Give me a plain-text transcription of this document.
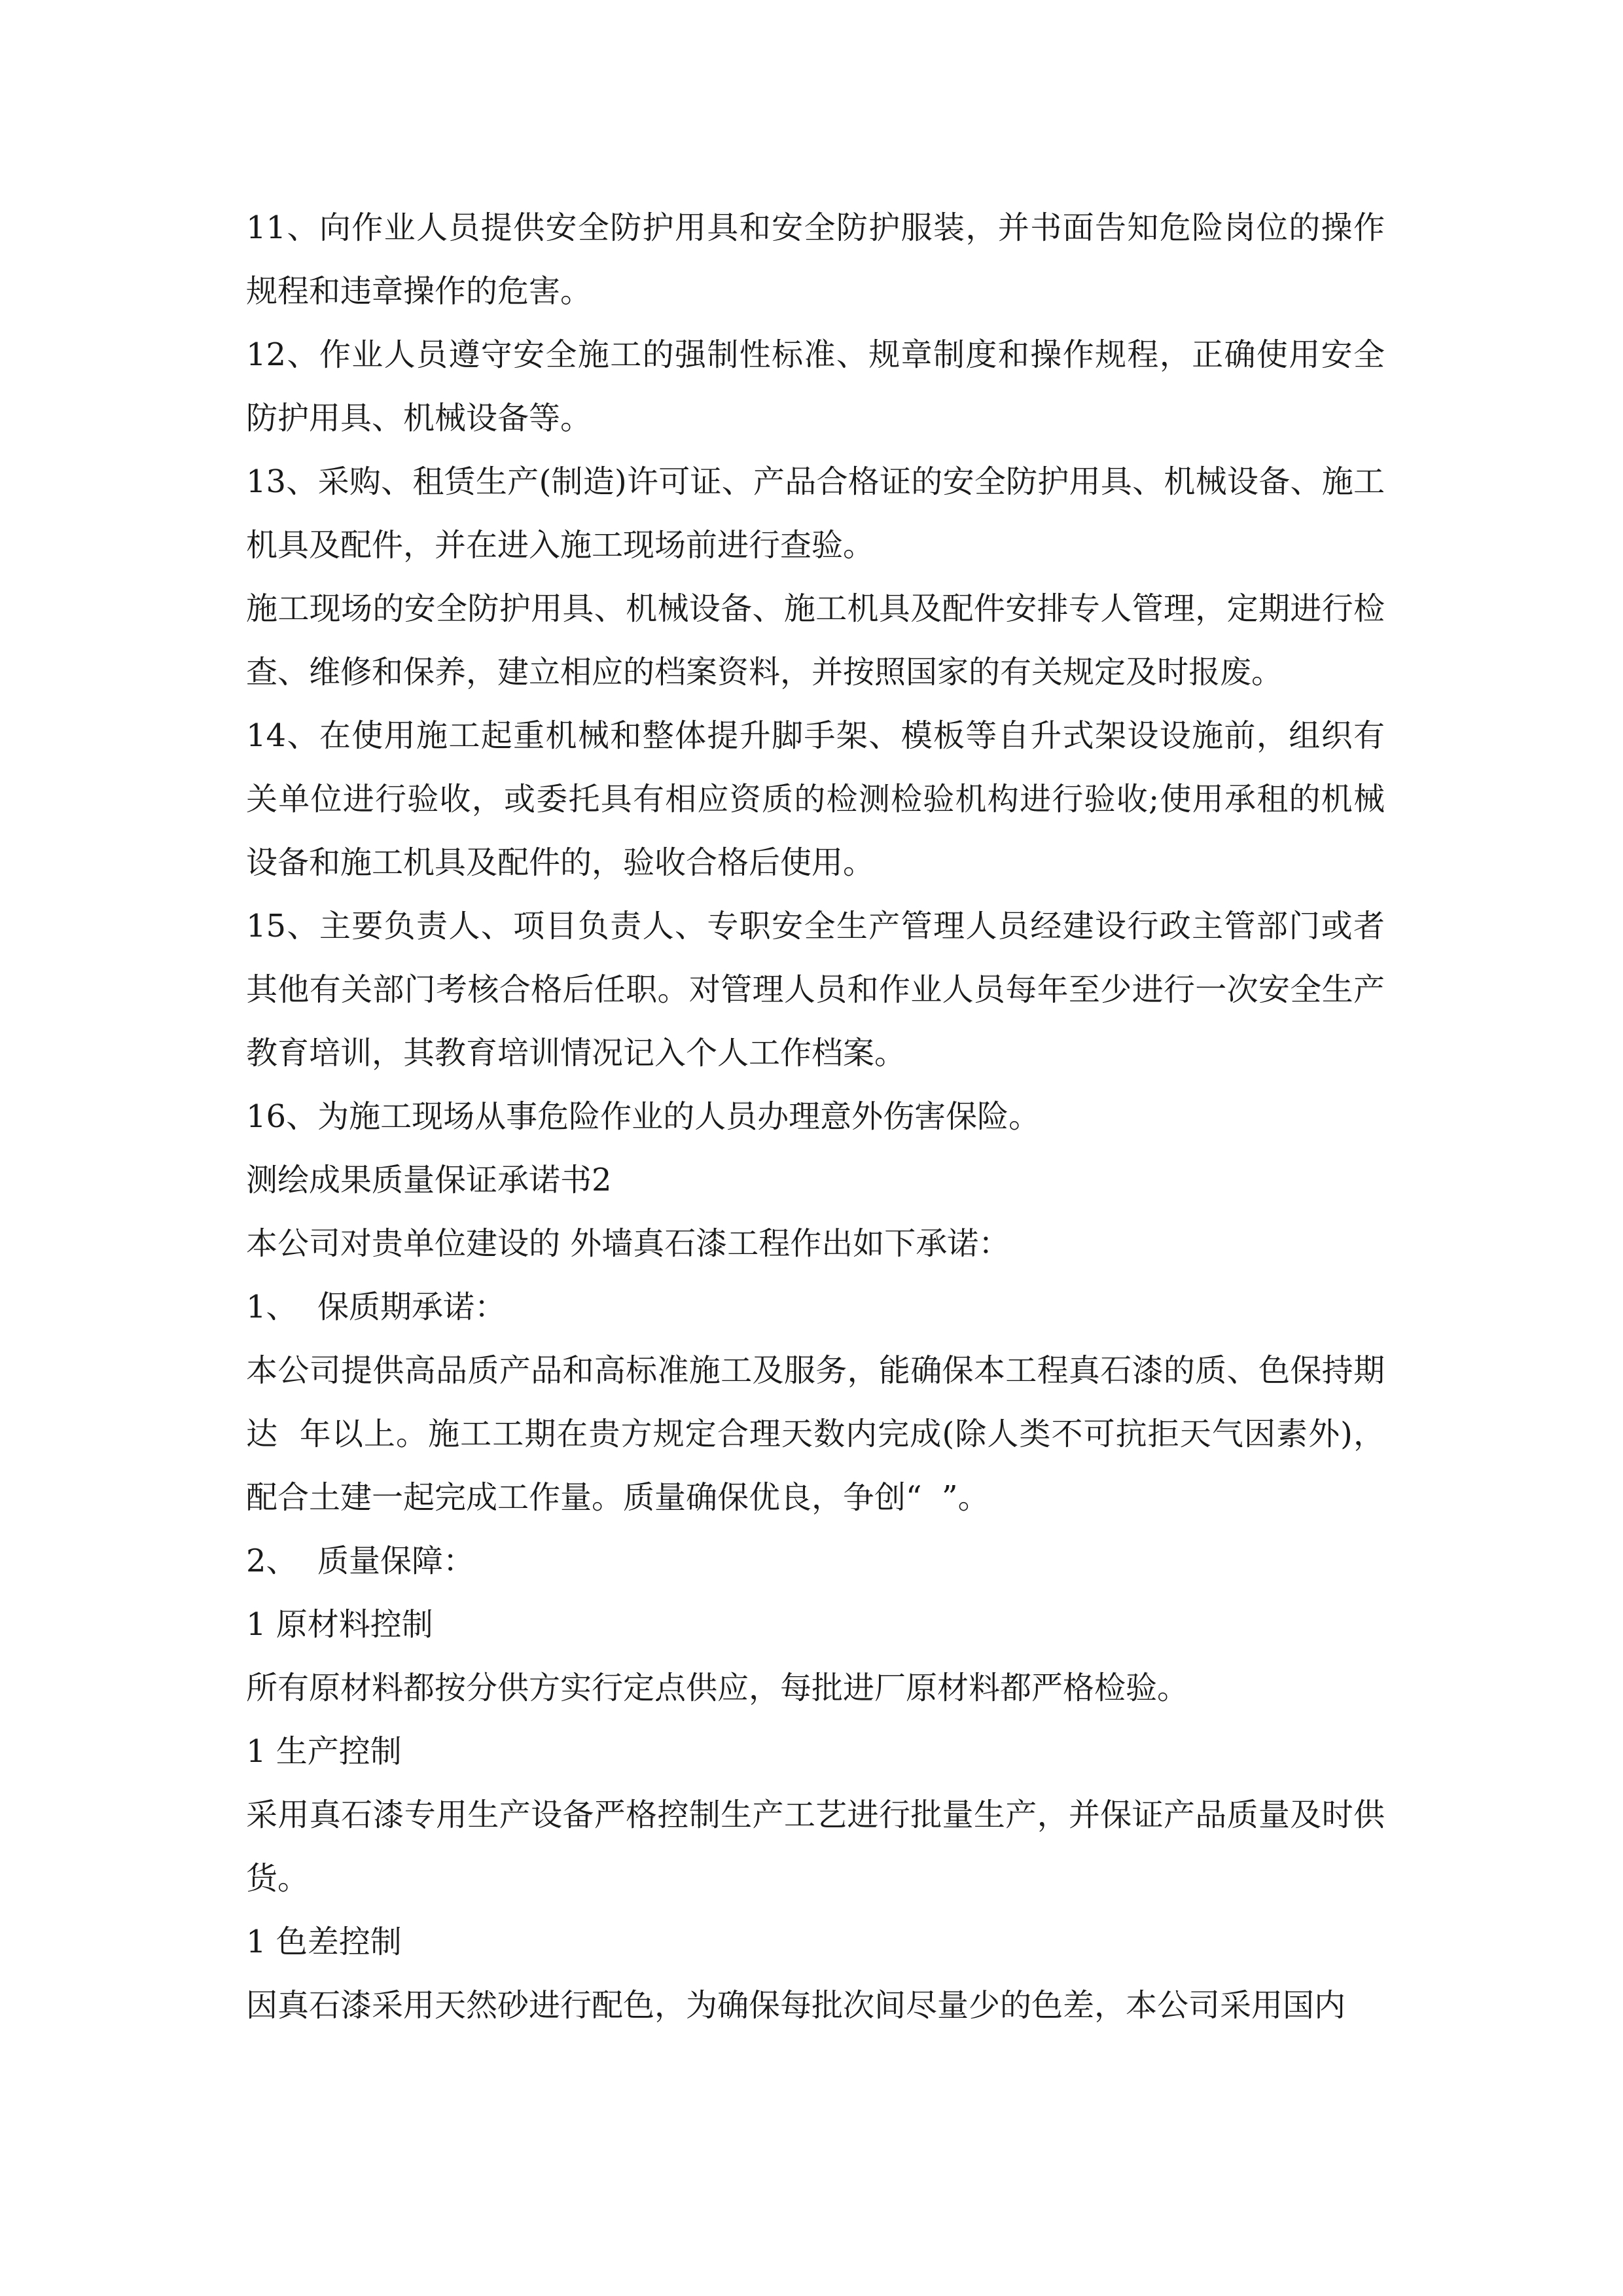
11、向作业人员提供安全防护用具和安全防护服装，并书面告知危险岗位的操作规程和违章操作的危害。

12、作业人员遵守安全施工的强制性标准、规章制度和操作规程，正确使用安全防护用具、机械设备等。

13、采购、租赁生产(制造)许可证、产品合格证的安全防护用具、机械设备、施工机具及配件，并在进入施工现场前进行查验。

施工现场的安全防护用具、机械设备、施工机具及配件安排专人管理，定期进行检查、维修和保养，建立相应的档案资料，并按照国家的有关规定及时报废。

14、在使用施工起重机械和整体提升脚手架、模板等自升式架设设施前，组织有关单位进行验收，或委托具有相应资质的检测检验机构进行验收;使用承租的机械设备和施工机具及配件的，验收合格后使用。

15、主要负责人、项目负责人、专职安全生产管理人员经建设行政主管部门或者其他有关部门考核合格后任职。对管理人员和作业人员每年至少进行一次安全生产教育培训，其教育培训情况记入个人工作档案。

16、为施工现场从事危险作业的人员办理意外伤害保险。

测绘成果质量保证承诺书2

本公司对贵单位建设的 外墙真石漆工程作出如下承诺：

1、  保质期承诺：

本公司提供高品质产品和高标准施工及服务，能确保本工程真石漆的质、色保持期达  年以上。施工工期在贵方规定合理天数内完成(除人类不可抗拒天气因素外)，配合土建一起完成工作量。质量确保优良，争创“  ”。

2、  质量保障：

1 原材料控制

所有原材料都按分供方实行定点供应，每批进厂原材料都严格检验。

1 生产控制

采用真石漆专用生产设备严格控制生产工艺进行批量生产，并保证产品质量及时供货。

1 色差控制

因真石漆采用天然砂进行配色，为确保每批次间尽量少的色差，本公司采用国内
